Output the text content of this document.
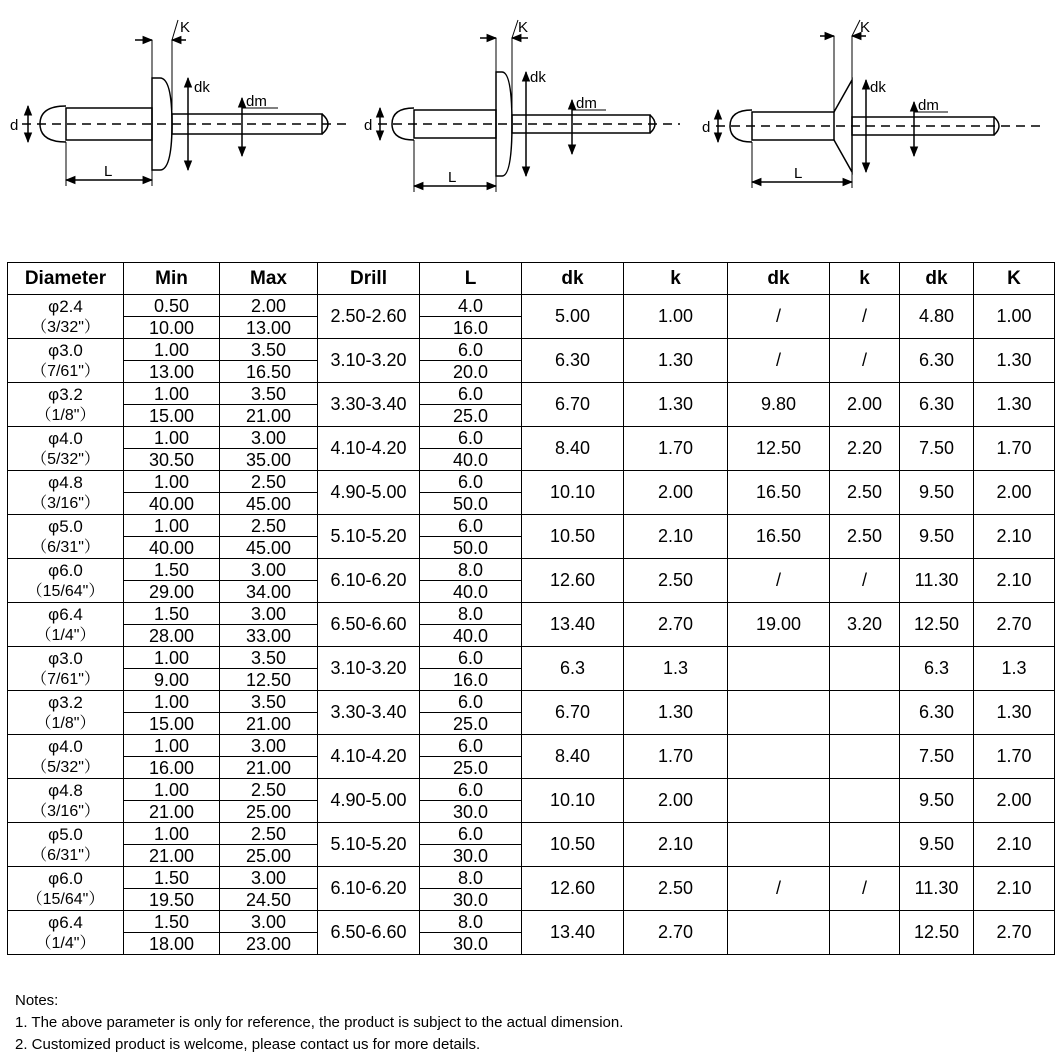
K
dk
dm
d
L
K
dk
dm
d
L
K
dk
dm
d
L
Diameter	Min	Max	Drill	L	dk	k	dk	k	dk	K

φ2.4
（3/32"）	0.50	2.00	2.50-2.60	4.0	5.00	1.00	/	/	4.80	1.00
	10.00	13.00		16.0						

φ3.0
（7/61"）	1.00	3.50	3.10-3.20	6.0	6.30	1.30	/	/	6.30	1.30
	13.00	16.50		20.0						

φ3.2
（1/8"）	1.00	3.50	3.30-3.40	6.0	6.70	1.30	9.80	2.00	6.30	1.30
	15.00	21.00		25.0						

φ4.0
（5/32"）	1.00	3.00	4.10-4.20	6.0	8.40	1.70	12.50	2.20	7.50	1.70
	30.50	35.00		40.0						

φ4.8
（3/16"）	1.00	2.50	4.90-5.00	6.0	10.10	2.00	16.50	2.50	9.50	2.00
	40.00	45.00		50.0						

φ5.0
（6/31"）	1.00	2.50	5.10-5.20	6.0	10.50	2.10	16.50	2.50	9.50	2.10
	40.00	45.00		50.0						

φ6.0
（15/64"）	1.50	3.00	6.10-6.20	8.0	12.60	2.50	/	/	11.30	2.10
	29.00	34.00		40.0						

φ6.4
（1/4"）	1.50	3.00	6.50-6.60	8.0	13.40	2.70	19.00	3.20	12.50	2.70
	28.00	33.00		40.0						

φ3.0
（7/61"）	1.00	3.50	3.10-3.20	6.0	6.3	1.3			6.3	1.3
	9.00	12.50		16.0						

φ3.2
（1/8"）	1.00	3.50	3.30-3.40	6.0	6.70	1.30			6.30	1.30
	15.00	21.00		25.0						

φ4.0
（5/32"）	1.00	3.00	4.10-4.20	6.0	8.40	1.70			7.50	1.70
	16.00	21.00		25.0						

φ4.8
（3/16"）	1.00	2.50	4.90-5.00	6.0	10.10	2.00			9.50	2.00
	21.00	25.00		30.0						

φ5.0
（6/31"）	1.00	2.50	5.10-5.20	6.0	10.50	2.10			9.50	2.10
	21.00	25.00		30.0						

φ6.0
（15/64"）	1.50	3.00	6.10-6.20	8.0	12.60	2.50	/	/	11.30	2.10
	19.50	24.50		30.0						

φ6.4
（1/4"）	1.50	3.00	6.50-6.60	8.0	13.40	2.70			12.50	2.70
	18.00	23.00		30.0						
Notes:
1. The above parameter is only for reference, the product is subject to the actual dimension.
2. Customized product is welcome, please contact us for more details.
